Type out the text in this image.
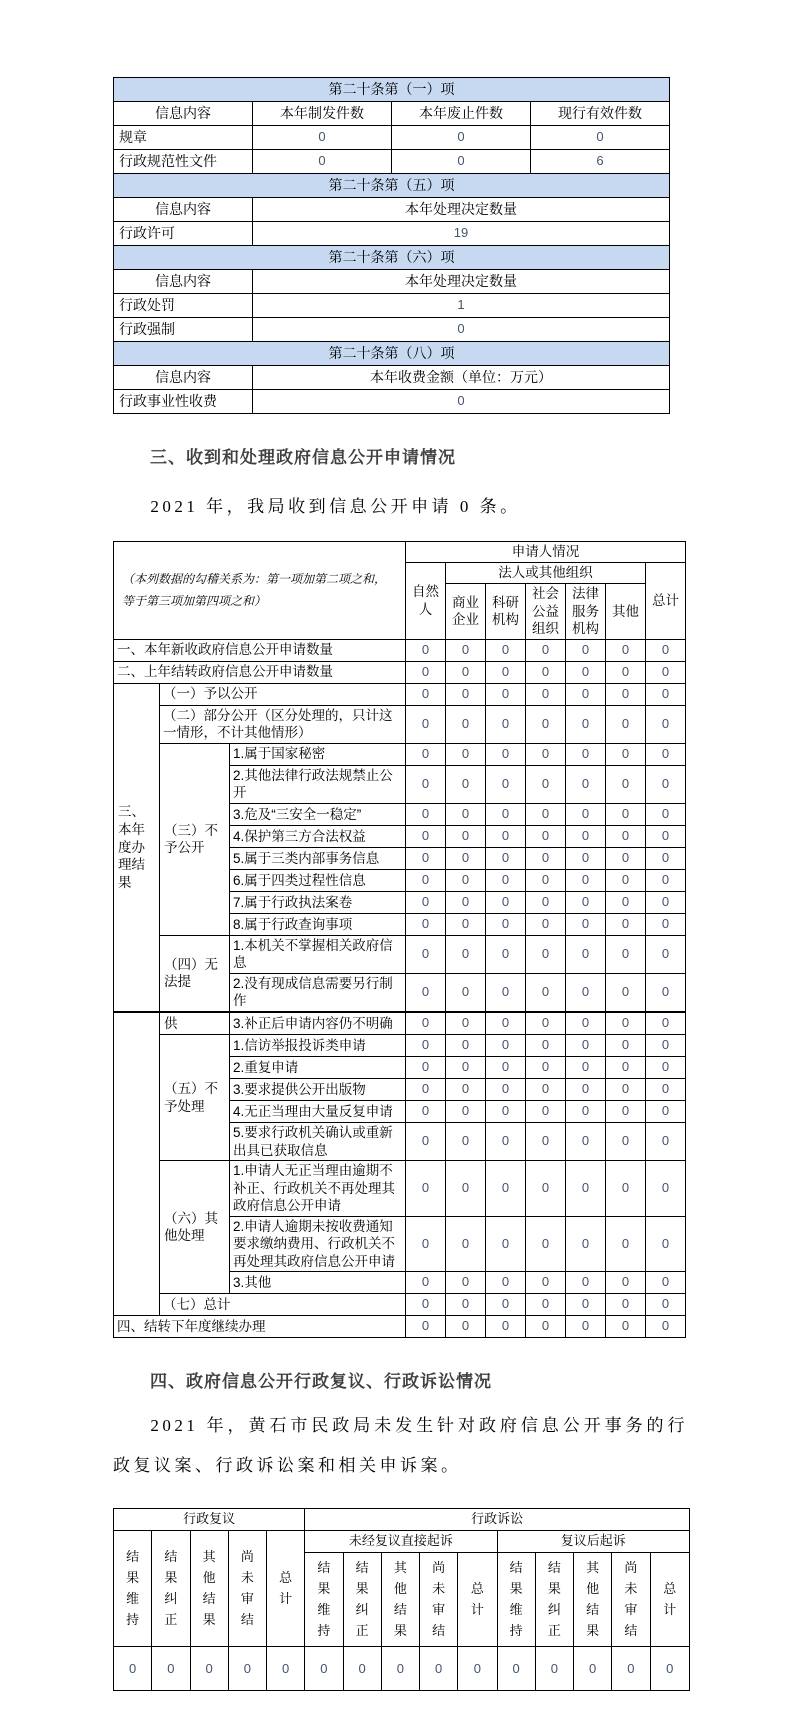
第二十条第（一）项			
信息内容	本年制发件数	本年废止件数	现行有效件数
规章	0	0	0
行政规范性文件	0	0	6
第二十条第（五）项			
信息内容	本年处理决定数量		
行政许可	19		
第二十条第（六）项			
信息内容	本年处理决定数量		
行政处罚	1		
行政强制	0		
第二十条第（八）项			
信息内容	本年收费金额（单位：万元）		
行政事业性收费	0		
三、收到和处理政府信息公开申请情况

2021 年，我局收到信息公开申请 0 条。

（本列数据的勾稽关系为：第一项加第二项之和，等于第三项加第四项之和）			申请人情况						
			自然人	法人或其他组织					总计
				商业企业	科研机构	社会公益组织	法律服务机构	其他	
一、本年新收政府信息公开申请数量			0	0	0	0	0	0	0
二、上年结转政府信息公开申请数量			0	0	0	0	0	0	0
三、本年度办理结果	（一）予以公开		0	0	0	0	0	0	0
	（二）部分公开（区分处理的，只计这一情形，不计其他情形）		0	0	0	0	0	0	0
	（三）不予公开	1.属于国家秘密	0	0	0	0	0	0	0
		2.其他法律行政法规禁止公开	0	0	0	0	0	0	0
		3.危及“三安全一稳定”	0	0	0	0	0	0	0
		4.保护第三方合法权益	0	0	0	0	0	0	0
		5.属于三类内部事务信息	0	0	0	0	0	0	0
		6.属于四类过程性信息	0	0	0	0	0	0	0
		7.属于行政执法案卷	0	0	0	0	0	0	0
		8.属于行政查询事项	0	0	0	0	0	0	0
	（四）无法提	1.本机关不掌握相关政府信息	0	0	0	0	0	0	0
		2.没有现成信息需要另行制作	0	0	0	0	0	0	0
	供	3.补正后申请内容仍不明确	0	0	0	0	0	0	0
	（五）不予处理	1.信访举报投诉类申请	0	0	0	0	0	0	0
		2.重复申请	0	0	0	0	0	0	0
		3.要求提供公开出版物	0	0	0	0	0	0	0
		4.无正当理由大量反复申请	0	0	0	0	0	0	0
		5.要求行政机关确认或重新出具已获取信息	0	0	0	0	0	0	0
	（六）其他处理	1.申请人无正当理由逾期不补正、行政机关不再处理其政府信息公开申请	0	0	0	0	0	0	0
		2.申请人逾期未按收费通知要求缴纳费用、行政机关不再处理其政府信息公开申请	0	0	0	0	0	0	0
		3.其他	0	0	0	0	0	0	0
	（七）总计		0	0	0	0	0	0	0
四、结转下年度继续办理			0	0	0	0	0	0	0
四、政府信息公开行政复议、行政诉讼情况

2021 年，黄石市民政局未发生针对政府信息公开事务的行政复议案、行政诉讼案和相关申诉案。

行政复议					行政诉讼									
结果维持	结果纠正	其他结果	尚未审结	总计	未经复议直接起诉					复议后起诉				
					结果维持	结果纠正	其他结果	尚未审结	总计	结果维持	结果纠正	其他结果	尚未审结	总计
0	0	0	0	0	0	0	0	0	0	0	0	0	0	0
